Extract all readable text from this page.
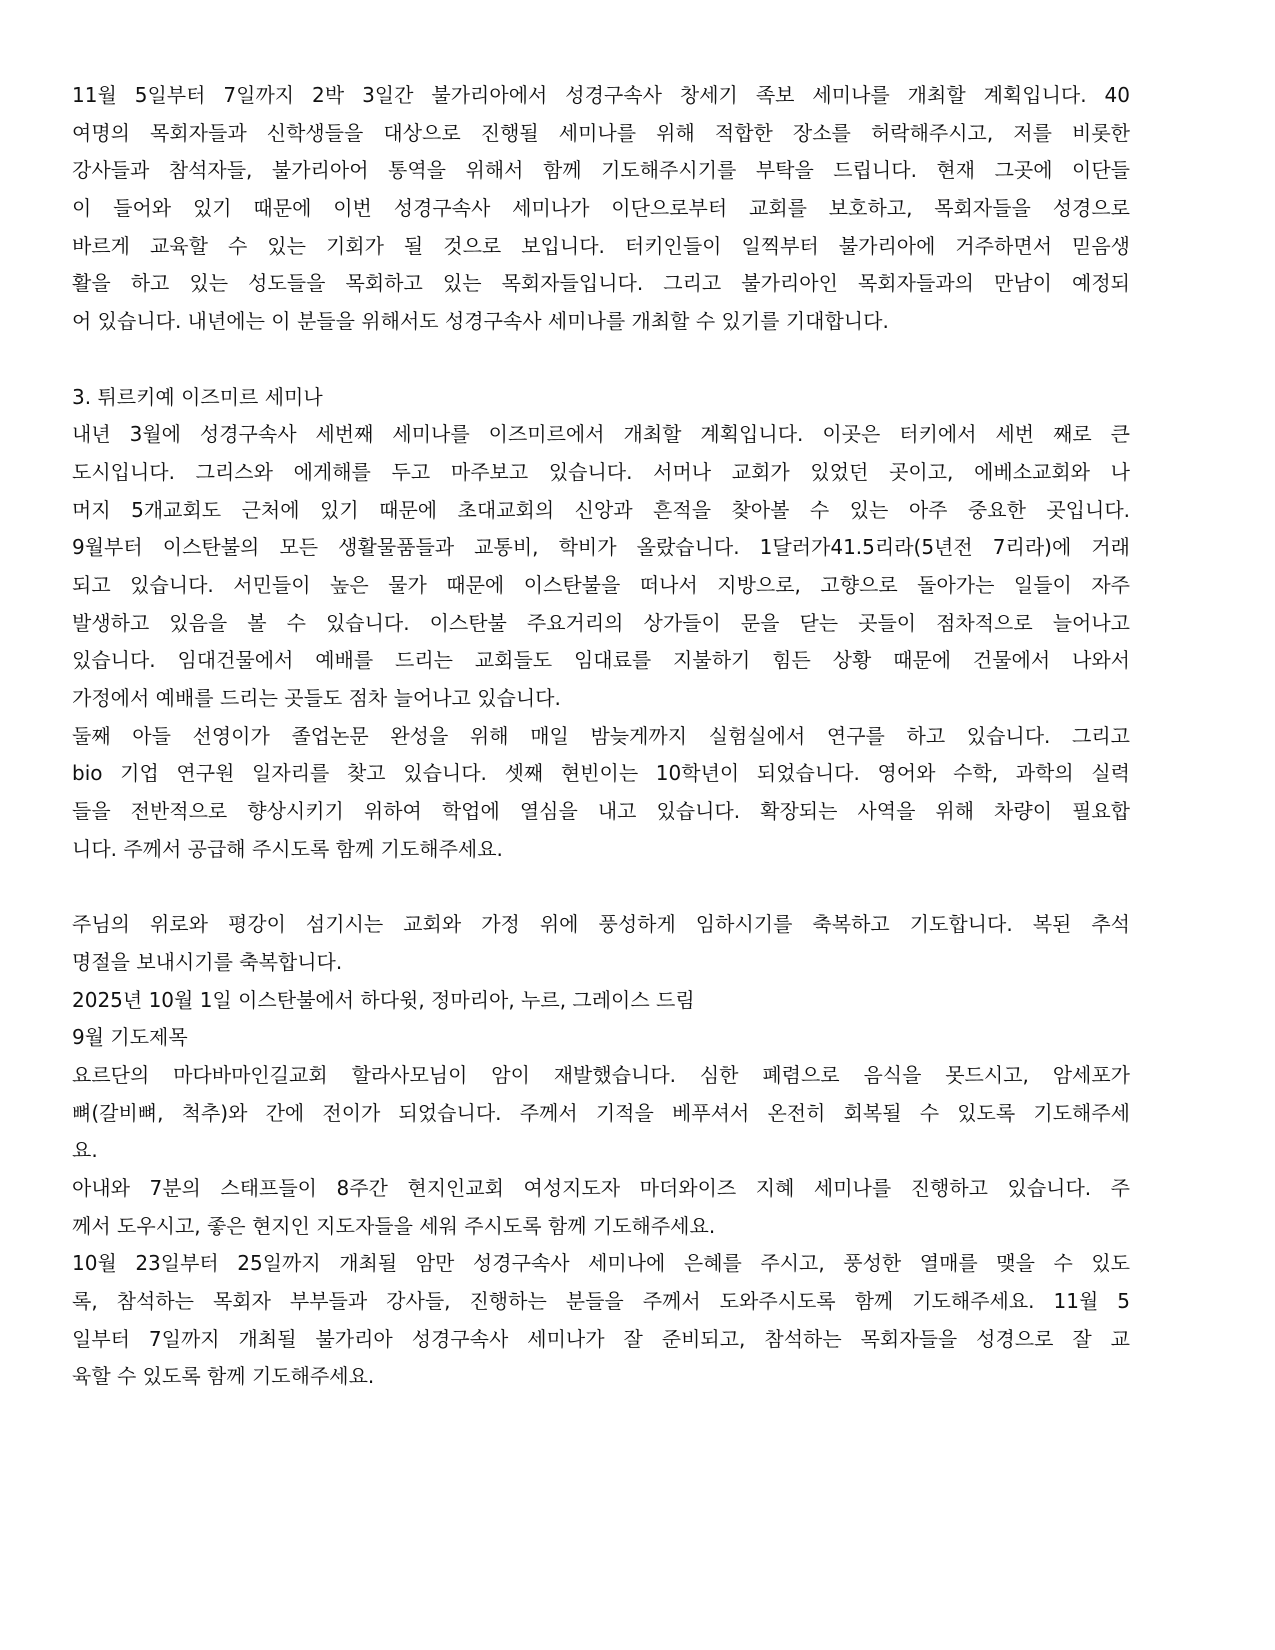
11월 5일부터 7일까지 2박 3일간 불가리아에서 성경구속사 창세기 족보 세미나를 개최할 계획입니다. 40
여명의 목회자들과 신학생들을 대상으로 진행될 세미나를 위해 적합한 장소를 허락해주시고, 저를 비롯한
강사들과 참석자들, 불가리아어 통역을 위해서 함께 기도해주시기를 부탁을 드립니다. 현재 그곳에 이단들
이 들어와 있기 때문에 이번 성경구속사 세미나가 이단으로부터 교회를 보호하고, 목회자들을 성경으로
바르게 교육할 수 있는 기회가 될 것으로 보입니다. 터키인들이 일찍부터 불가리아에 거주하면서 믿음생
활을 하고 있는 성도들을 목회하고 있는 목회자들입니다. 그리고 불가리아인 목회자들과의 만남이 예정되
어 있습니다. 내년에는 이 분들을 위해서도 성경구속사 세미나를 개최할 수 있기를 기대합니다.
3. 튀르키예 이즈미르 세미나
내년 3월에 성경구속사 세번째 세미나를 이즈미르에서 개최할 계획입니다. 이곳은 터키에서 세번 째로 큰
도시입니다. 그리스와 에게해를 두고 마주보고 있습니다. 서머나 교회가 있었던 곳이고, 에베소교회와 나
머지 5개교회도 근처에 있기 때문에 초대교회의 신앙과 흔적을 찾아볼 수 있는 아주 중요한 곳입니다.
9월부터 이스탄불의 모든 생활물품들과 교통비, 학비가 올랐습니다. 1달러가41.5리라(5년전 7리라)에 거래
되고 있습니다. 서민들이 높은 물가 때문에 이스탄불을 떠나서 지방으로, 고향으로 돌아가는 일들이 자주
발생하고 있음을 볼 수 있습니다. 이스탄불 주요거리의 상가들이 문을 닫는 곳들이 점차적으로 늘어나고
있습니다. 임대건물에서 예배를 드리는 교회들도 임대료를 지불하기 힘든 상황 때문에 건물에서 나와서
가정에서 예배를 드리는 곳들도 점차 늘어나고 있습니다.
둘째 아들 선영이가 졸업논문 완성을 위해 매일 밤늦게까지 실험실에서 연구를 하고 있습니다. 그리고
bio 기업 연구원 일자리를 찾고 있습니다. 셋째 현빈이는 10학년이 되었습니다. 영어와 수학, 과학의 실력
들을 전반적으로 향상시키기 위하여 학업에 열심을 내고 있습니다. 확장되는 사역을 위해 차량이 필요합
니다. 주께서 공급해 주시도록 함께 기도해주세요.
주님의 위로와 평강이 섬기시는 교회와 가정 위에 풍성하게 임하시기를 축복하고 기도합니다. 복된 추석
명절을 보내시기를 축복합니다.
2025년 10월 1일 이스탄불에서 하다윗, 정마리아, 누르, 그레이스 드림
9월 기도제목
요르단의 마다바마인길교회 할라사모님이 암이 재발했습니다. 심한 폐렴으로 음식을 못드시고, 암세포가
뼈(갈비뼈, 척추)와 간에 전이가 되었습니다. 주께서 기적을 베푸셔서 온전히 회복될 수 있도록 기도해주세
요.
아내와 7분의 스태프들이 8주간 현지인교회 여성지도자 마더와이즈 지혜 세미나를 진행하고 있습니다. 주
께서 도우시고, 좋은 현지인 지도자들을 세워 주시도록 함께 기도해주세요.
10월 23일부터 25일까지 개최될 암만 성경구속사 세미나에 은혜를 주시고, 풍성한 열매를 맺을 수 있도
록, 참석하는 목회자 부부들과 강사들, 진행하는 분들을 주께서 도와주시도록 함께 기도해주세요. 11월 5
일부터 7일까지 개최될 불가리아 성경구속사 세미나가 잘 준비되고, 참석하는 목회자들을 성경으로 잘 교
육할 수 있도록 함께 기도해주세요.
